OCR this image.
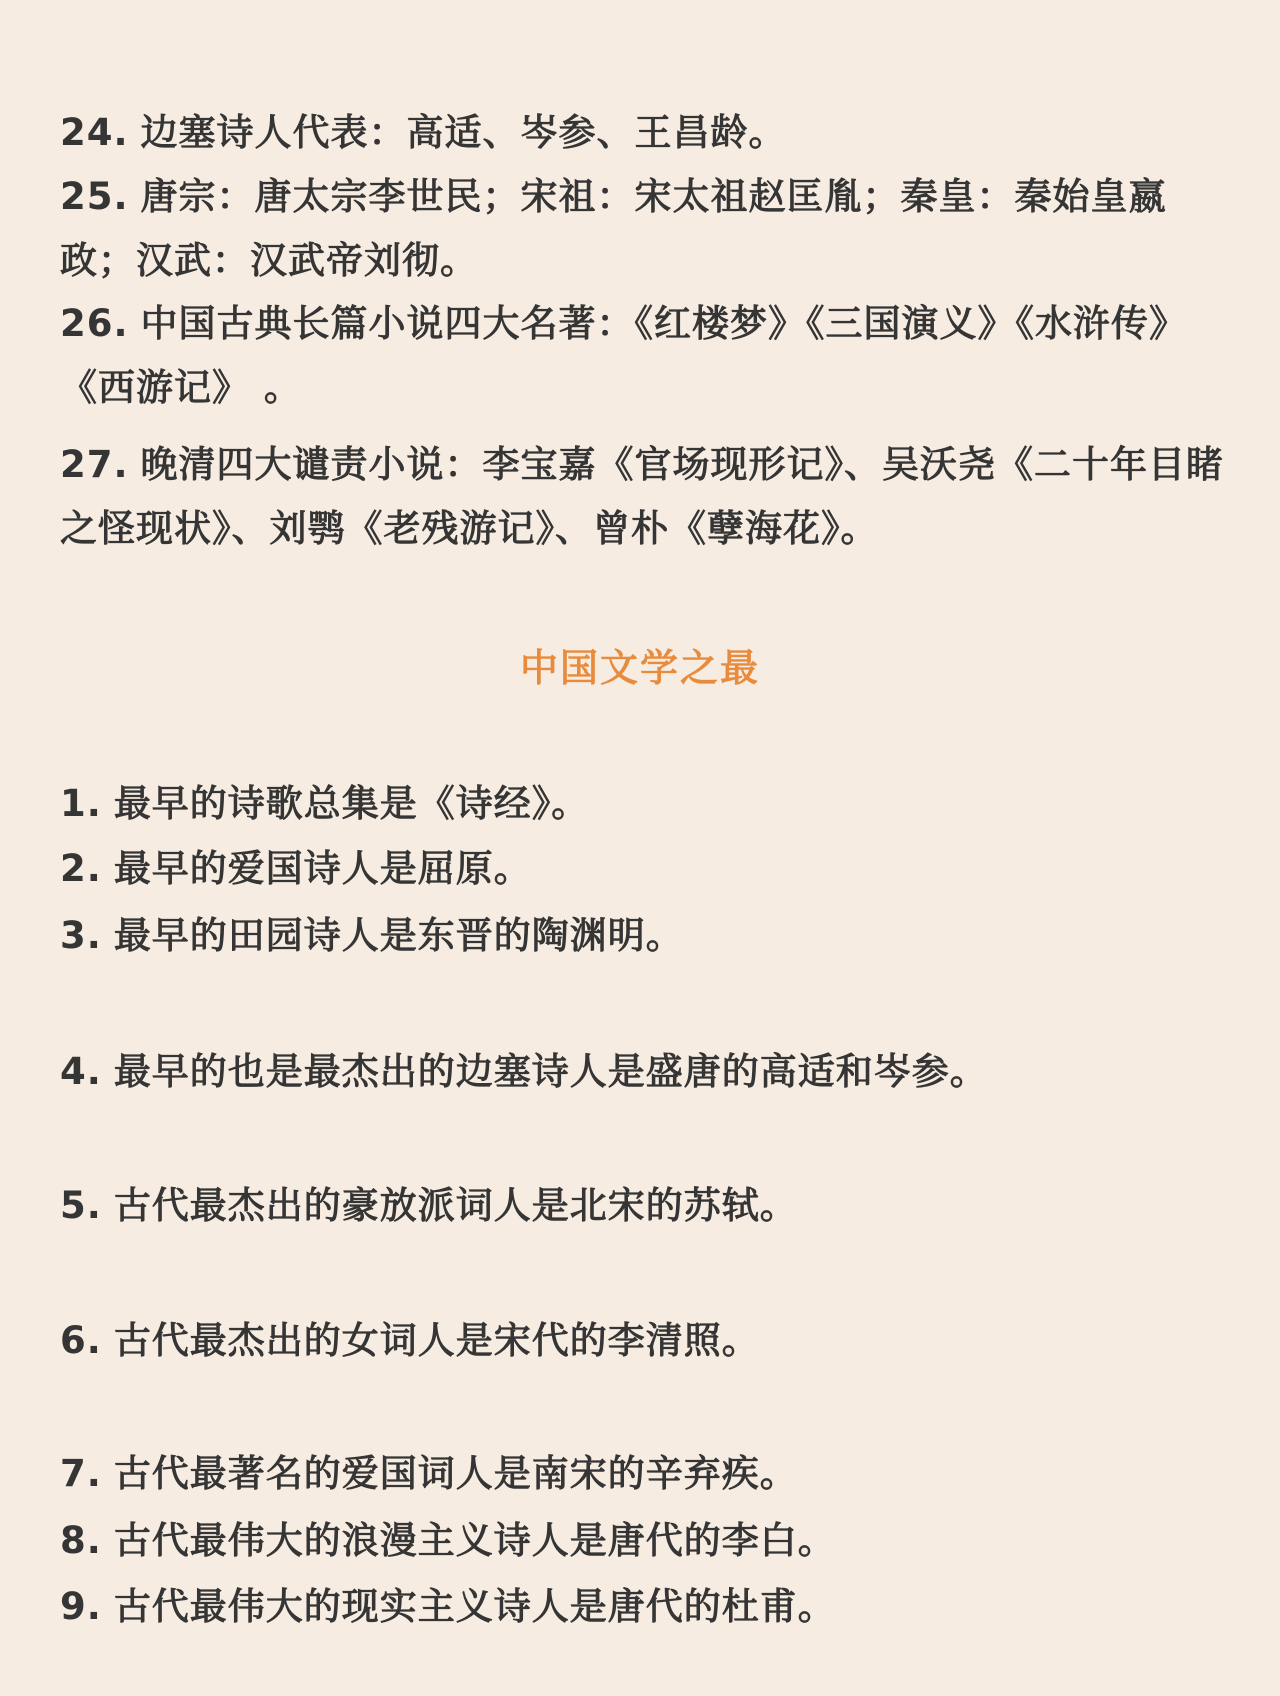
24. 边塞诗人代表：高适、岑参、王昌龄。
25. 唐宗：唐太宗李世民；宋祖：宋太祖赵匡胤；秦皇：秦始皇嬴政；汉武：汉武帝刘彻。
26. 中国古典长篇小说四大名著：《红楼梦》《三国演义》《水浒传》《西游记》 。
27. 晚清四大谴责小说：李宝嘉《官场现形记》、吴沃尧《二十年目睹之怪现状》、刘鹗《老残游记》、曾朴《孽海花》。
中国文学之最
1. 最早的诗歌总集是《诗经》。
2. 最早的爱国诗人是屈原。
3. 最早的田园诗人是东晋的陶渊明。
4. 最早的也是最杰出的边塞诗人是盛唐的高适和岑参。
5. 古代最杰出的豪放派词人是北宋的苏轼。
6. 古代最杰出的女词人是宋代的李清照。
7. 古代最著名的爱国词人是南宋的辛弃疾。
8. 古代最伟大的浪漫主义诗人是唐代的李白。
9. 古代最伟大的现实主义诗人是唐代的杜甫。
